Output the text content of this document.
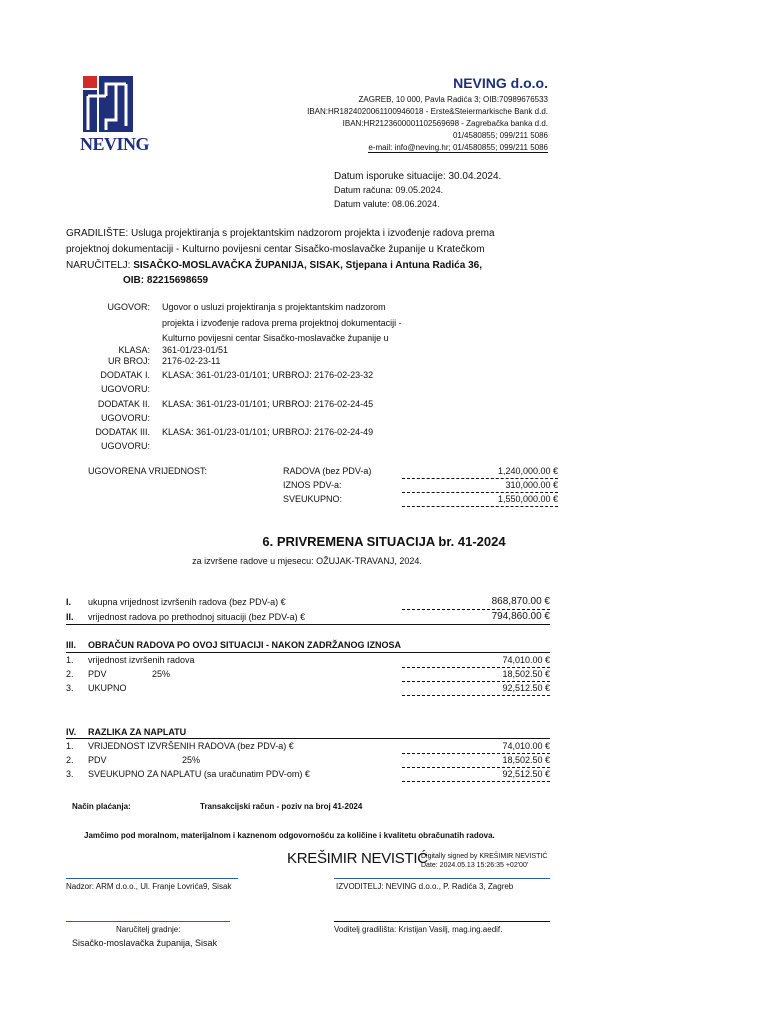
NEVING
NEVING d.o.o.
ZAGREB, 10 000, Pavla Radića 3; OIB:70989676533
IBAN:HR1824020061100946018 - Erste&Steiermarkische Bank d.d.
IBAN:HR2123600001102569698 - Zagrebačka banka d.d.
01/4580855; 099/211 5086
e-mail: info@neving.hr; 01/4580855; 099/211 5086
Datum isporuke situacije: 30.04.2024.
Datum računa: 09.05.2024.
Datum valute: 08.06.2024.
GRADILIŠTE: Usluga projektiranja s projektantskim nadzorom projekta i izvođenje radova prema
projektnoj dokumentaciji - Kulturno povijesni centar Sisačko-moslavačke županije u Kratečkom
NARUČITELJ: SISAČKO-MOSLAVAČKA ŽUPANIJA, SISAK, Stjepana i Antuna Radića 36,
OIB: 82215698659
UGOVOR: Ugovor o usluzi projektiranja s projektantskim nadzorom
projekta i izvođenje radova prema projektnoj dokumentaciji -
Kulturno povijesni centar Sisačko-moslavačke županije u
KLASA: 361-01/23-01/51
UR BROJ: 2176-02-23-11
DODATAK I. KLASA: 361-01/23-01/101; URBROJ: 2176-02-23-32
UGOVORU:
DODATAK II. KLASA: 361-01/23-01/101; URBROJ: 2176-02-24-45
UGOVORU:
DODATAK III. KLASA: 361-01/23-01/101; URBROJ: 2176-02-24-49
UGOVORU:
UGOVORENA VRIJEDNOST:	RADOVA (bez PDV-a)	1,240,000.00 €
IZNOS PDV-a:	310,000.00 €
SVEUKUPNO:	1,550,000.00 €
6. PRIVREMENA SITUACIJA br. 41-2024
za izvršene radove u mjesecu: OŽUJAK-TRAVANJ, 2024.
I. ukupna vrijednost izvršenih radova (bez PDV-a) €	868,870.00 €
II. vrijednost radova po prethodnoj situaciji (bez PDV-a) €	794,860.00 €
III. OBRAČUN RADOVA PO OVOJ SITUACIJI - NAKON ZADRŽANOG IZNOSA
1. vrijednost izvršenih radova	74,010.00 €
2. PDV	25%	18,502.50 €
3. UKUPNO	92,512.50 €
IV. RAZLIKA ZA NAPLATU
1. VRIJEDNOST IZVRŠENIH RADOVA (bez PDV-a) €	74,010.00 €
2. PDV	25%	18,502.50 €
3. SVEUKUPNO ZA NAPLATU (sa uračunatim PDV-om) €	92,512.50 €
Način plaćanja:	Transakcijski račun - poziv na broj 41-2024
Jamčimo pod moralnom, materijalnom i kaznenom odgovornošću za količine i kvalitetu obračunatih radova.
KREŠIMIR NEVISTIĆ
Digitally signed by KREŠIMIR NEVISTIĆ
Date: 2024.05.13 15:26:35 +02'00'
Nadzor: ARM d.o.o., Ul. Franje Lovrića9, Sisak	IZVODITELJ: NEVING d.o.o., P. Radića 3, Zagreb
Naručitelj gradnje:	Voditelj gradilišta: Kristijan Vasilj, mag.ing.aedif.
Sisačko-moslavačka županija, Sisak
